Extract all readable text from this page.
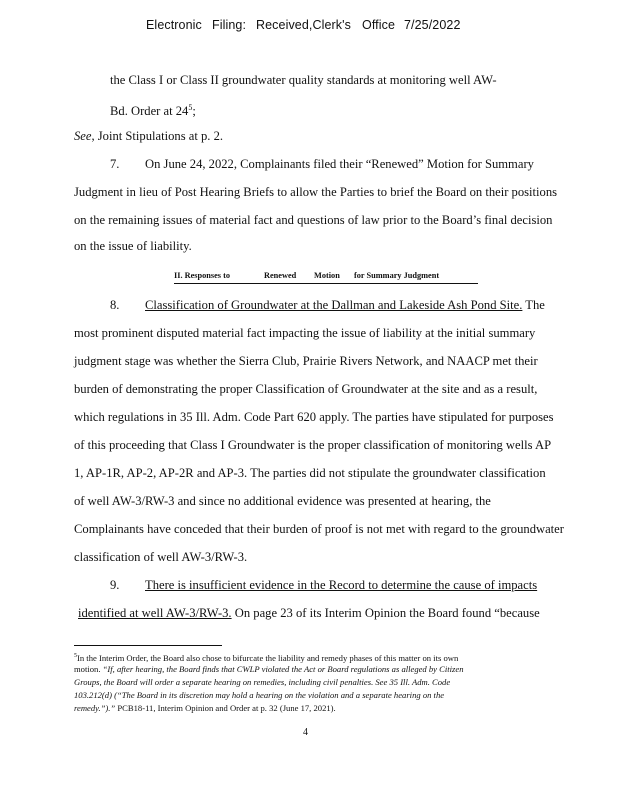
Electronic Filing: Received,Clerk's Office 7/25/2022
the Class I or Class II groundwater quality standards at monitoring well AW-
Bd. Order at $24^5$;
See, Joint Stipulations at p. 2.
7. On June 24, 2022, Complainants filed their “Renewed” Motion for Summary
Judgment in lieu of Post Hearing Briefs to allow the Parties to brief the Board on their positions
on the remaining issues of material fact and questions of law prior to the Board’s final decision
on the issue of liability.
II. Responses to	Renewed Motion for Summary Judgment
8. Classification of Groundwater at the Dallman and Lakeside Ash Pond Site. The
most prominent disputed material fact impacting the issue of liability at the initial summary
judgment stage was whether the Sierra Club, Prairie Rivers Network, and NAACP met their
burden of demonstrating the proper Classification of Groundwater at the site and as a result,
which regulations in 35 Ill. Adm. Code Part 620 apply. The parties have stipulated for purposes
of this proceeding that Class I Groundwater is the proper classification of monitoring wells AP
1, AP-1R, AP-2, AP-2R and AP-3. The parties did not stipulate the groundwater classification
of well AW-3/RW-3 and since no additional evidence was presented at hearing, the
Complainants have conceded that their burden of proof is not met with regard to the groundwater
classification of well AW-3/RW-3.
9. There is insufficient evidence in the Record to determine the cause of impacts
identified at well AW-3/RW-3. On page 23 of its Interim Opinion the Board found “because
$^5$In the Interim Order, the Board also chose to bifurcate the liability and remedy phases of this matter on its own
motion. “If, after hearing, the Board finds that CWLP violated the Act or Board regulations as alleged by Citizen
Groups, the Board will order a separate hearing on remedies, including civil penalties. See 35 Ill. Adm. Code
103.212(d) (“The Board in its discretion may hold a hearing on the violation and a separate hearing on the
remedy.”).” PCB18-11, Interim Opinion and Order at p. 32 (June 17, 2021).
4
